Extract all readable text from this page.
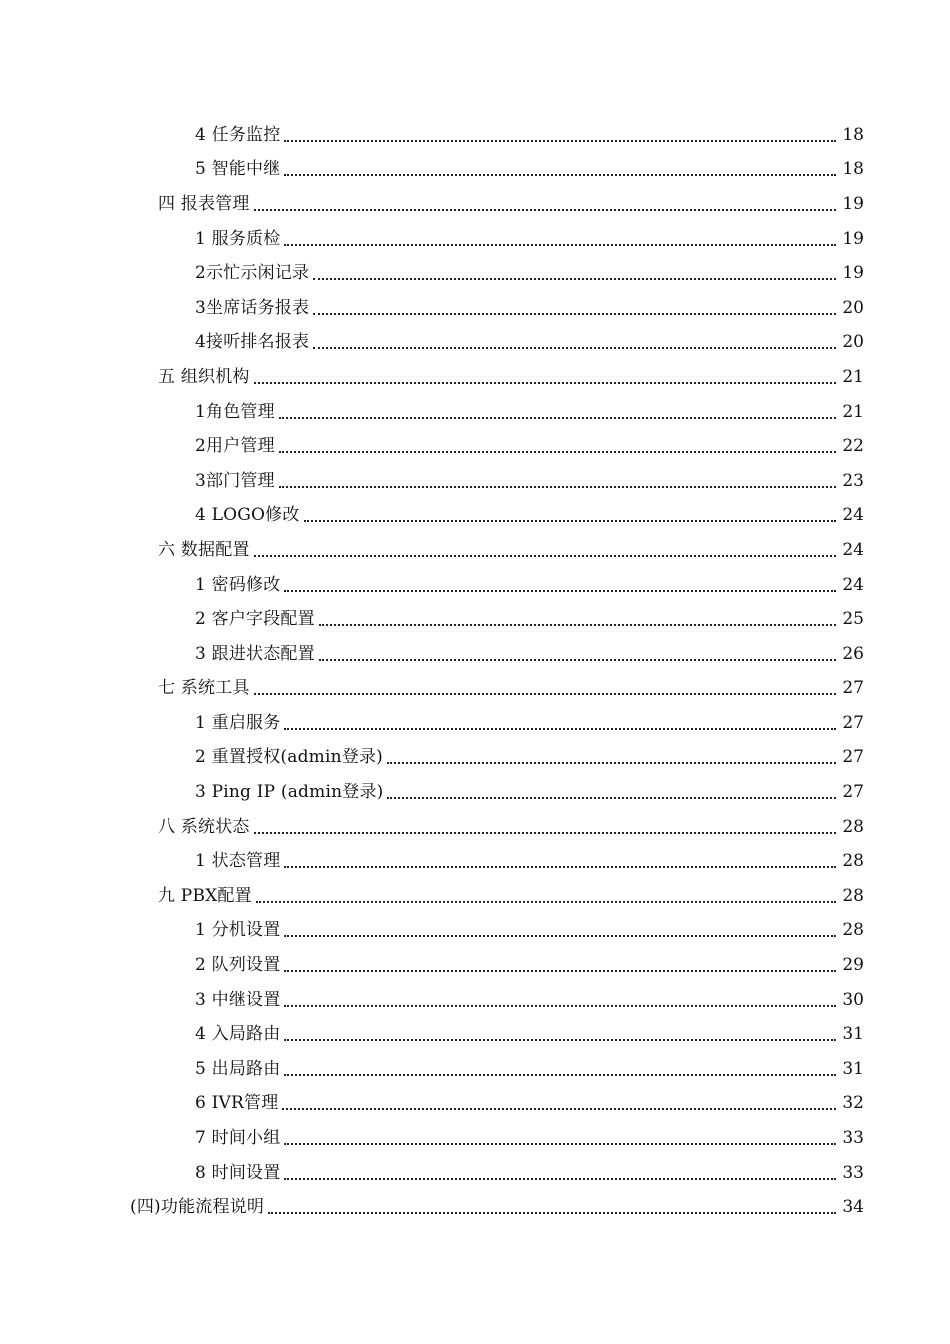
4 任务监控	18
5 智能中继	18
四 报表管理	19
1 服务质检	19
2示忙示闲记录	19
3坐席话务报表	20
4接听排名报表	20
五 组织机构	21
1角色管理	21
2用户管理	22
3部门管理	23
4 LOGO修改	24
六 数据配置	24
1 密码修改	24
2 客户字段配置	25
3 跟进状态配置	26
七 系统工具	27
1 重启服务	27
2 重置授权(admin登录)	27
3 Ping IP (admin登录)	27
八 系统状态	28
1 状态管理	28
九 PBX配置	28
1 分机设置	28
2 队列设置	29
3 中继设置	30
4 入局路由	31
5 出局路由	31
6 IVR管理	32
7 时间小组	33
8 时间设置	33
(四)功能流程说明	34
